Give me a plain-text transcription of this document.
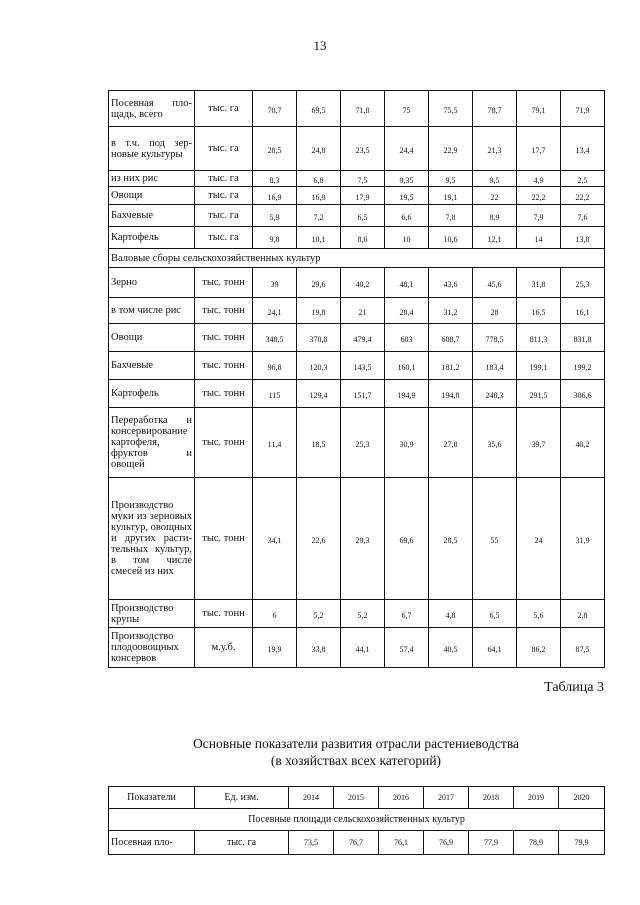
13
Посевная площадь, всего	тыс. га	70,7	69,5	71,8	75	75,5	78,7	79,1	71,9
в т.ч. под зерновые культуры	тыс. га	28,5	24,8	23,5	24,4	22,9	21,3	17,7	13,4
из них рис	тыс. га	8,3	6,8	7,5	9,35	9,5	9,5	4,9	2,5
Овощи	тыс. га	16,9	16,9	17,9	19,5	19,1	22	22,2	22,2
Бахчевые	тыс. га	5,9	7,2	6,5	6,6	7,8	8,9	7,9	7,6
Картофель	тыс. га	9,8	10,1	8,6	10	10,6	12,1	14	13,8
Валовые сборы сельскохозяйственных культур									
Зерно	тыс. тонн	39	29,6	40,2	48,1	43,6	45,6	31,8	25,3
в том числе рис	тыс. тонн	24,1	19,8	21	28,4	31,2	28	16,5	16,1
Овощи	тыс. тонн	348,5	370,8	479,4	603	608,7	778,5	811,3	831,8
Бахчевые	тыс. тонн	96,8	120,3	143,5	160,1	181,2	183,4	199,1	199,2
Картофель	тыс. тонн	115	129,4	151,7	194,9	194,8	248,3	291,5	306,6
Переработка и консервирование картофеля, фруктов и овощей	тыс. тонн	11,4	18,5	25,3	30,9	27,8	35,6	39,7	40,2
Производство муки из зерновых культур, овощных и других растительных культур, в том числе смесей из них	тыс. тонн	34,1	22,6	29,3	69,6	28,5	55	24	31,9
Производство крупы	тыс. тонн	6	5,2	5,2	6,7	4,8	6,5	5,6	2,8
Производство плодоовощных консервов	м.у.б.	19,9	33,8	44,1	57,4	40,5	64,1	86,2	87,5
Таблица 3
Основные показатели развития отрасли растениеводства
(в хозяйствах всех категорий)
Показатели	Ед. изм.	2014	2015	2016	2017	2018	2019	2020
Посевные площади сельскохозяйственных культур								
Посевная пло-	тыс. га	73,5	76,7	76,1	76,9	77,9	78,9	79,9
